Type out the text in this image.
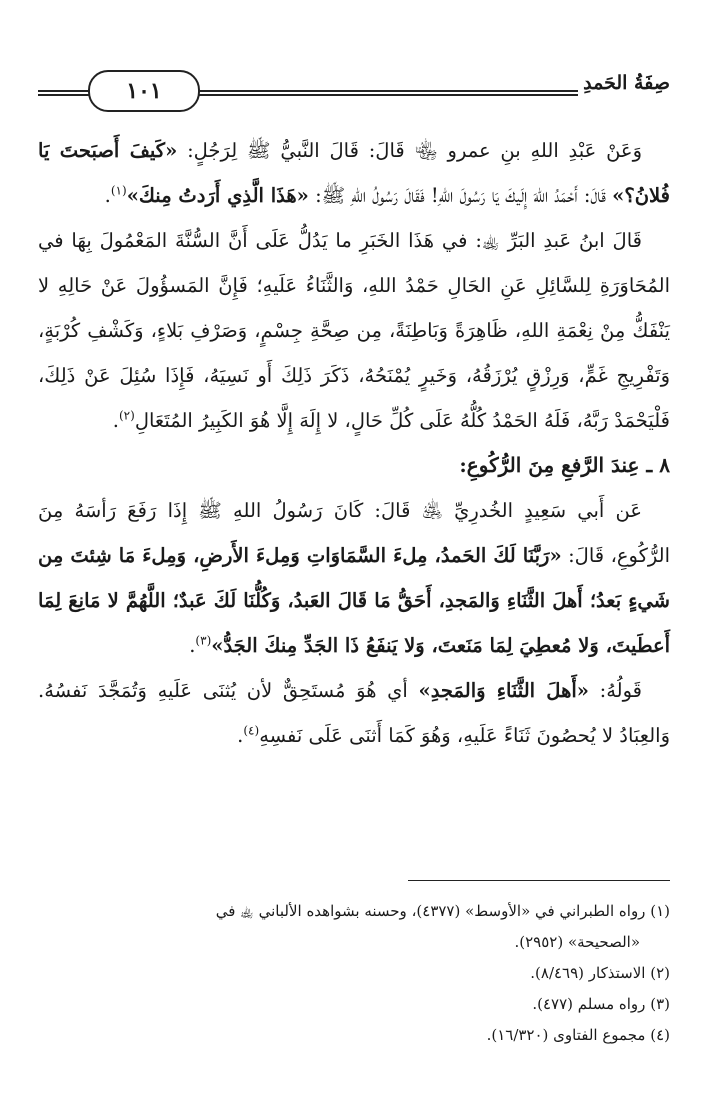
صِفَةُ الحَمدِ
١٠١

وَعَنْ عَبْدِ اللهِ بنِ عمرو ﵄ قَالَ: قَالَ النَّبيُّ ﷺ لِرَجُلٍ: «كَيفَ أَصبَحتَ يَا فُلانُ؟» قَالَ: أَحْمَدُ اللهَ إِلَيكَ يَا رَسُولَ اللهِ! فَقَالَ رَسُولُ اللهِ ﷺ: «هَذَا الَّذِي أَرَدتُ مِنكَ»$^{(١)}$.

قَالَ ابنُ عَبدِ البَرِّ ﵀: في هَذَا الخَبَرِ ما يَدُلُّ عَلَى أَنَّ السُّنَّةَ المَعْمُولَ بِهَا في المُحَاوَرَةِ لِلسَّائِلِ عَنِ الحَالِ حَمْدُ اللهِ، وَالثَّنَاءُ عَلَيهِ؛ فَإِنَّ المَسؤُولَ عَنْ حَالِهِ لا يَنْفَكُّ مِنْ نِعْمَةِ اللهِ، ظَاهِرَةً وَبَاطِنَةً، مِن صِحَّةِ جِسْمٍ، وَصَرْفِ بَلاءٍ، وَكَشْفِ كُرْبَةٍ، وَتَفْرِيجِ غَمٍّ، وَرِزْقٍ يُرْزَقُهُ، وَخَيرٍ يُمْنَحُهُ، ذَكَرَ ذَلِكَ أَو نَسِيَهُ، فَإِذَا سُئِلَ عَنْ ذَلِكَ، فَلْيَحْمَدْ رَبَّهُ، فَلَهُ الحَمْدُ كُلُّهُ عَلَى كُلِّ حَالٍ، لا إِلَهَ إِلَّا هُوَ الكَبِيرُ المُتَعَالِ$^{(٢)}$.

٨ ـ عِندَ الرَّفعِ مِنَ الرُّكُوعِ:

عَن أَبي سَعِيدٍ الخُدرِيِّ ﵁ قَالَ: كَانَ رَسُولُ اللهِ ﷺ إِذَا رَفَعَ رَأسَهُ مِنَ الرُّكُوعِ، قَالَ: «رَبَّنَا لَكَ الحَمدُ، مِلءَ السَّمَاوَاتِ وَمِلءَ الأَرضِ، وَمِلءَ مَا شِئتَ مِن شَيءٍ بَعدُ؛ أَهلَ الثَّنَاءِ وَالمَجدِ، أَحَقُّ مَا قَالَ العَبدُ، وَكُلُّنَا لَكَ عَبدٌ؛ اللَّهُمَّ لا مَانِعَ لِمَا أَعطَيتَ، وَلا مُعطِيَ لِمَا مَنَعتَ، وَلا يَنفَعُ ذَا الجَدِّ مِنكَ الجَدُّ»$^{(٣)}$.

قَولُهُ: «أَهلَ الثَّنَاءِ وَالمَجدِ» أي هُوَ مُستَحِقٌّ لأن يُثنَى عَلَيهِ وَتُمَجَّدَ نَفسُهُ. وَالعِبَادُ لا يُحصُونَ ثَنَاءً عَلَيهِ، وَهُوَ كَمَا أَثنَى عَلَى نَفسِهِ$^{(٤)}$.

(١) رواه الطبراني في «الأوسط» (٤٣٧٧)، وحسنه بشواهده الألباني ﵀ في

«الصحيحة» (٢٩٥٢).

(٢) الاستذكار (٨/٤٦٩).

(٣) رواه مسلم (٤٧٧).

(٤) مجموع الفتاوى (١٦/٣٢٠).
